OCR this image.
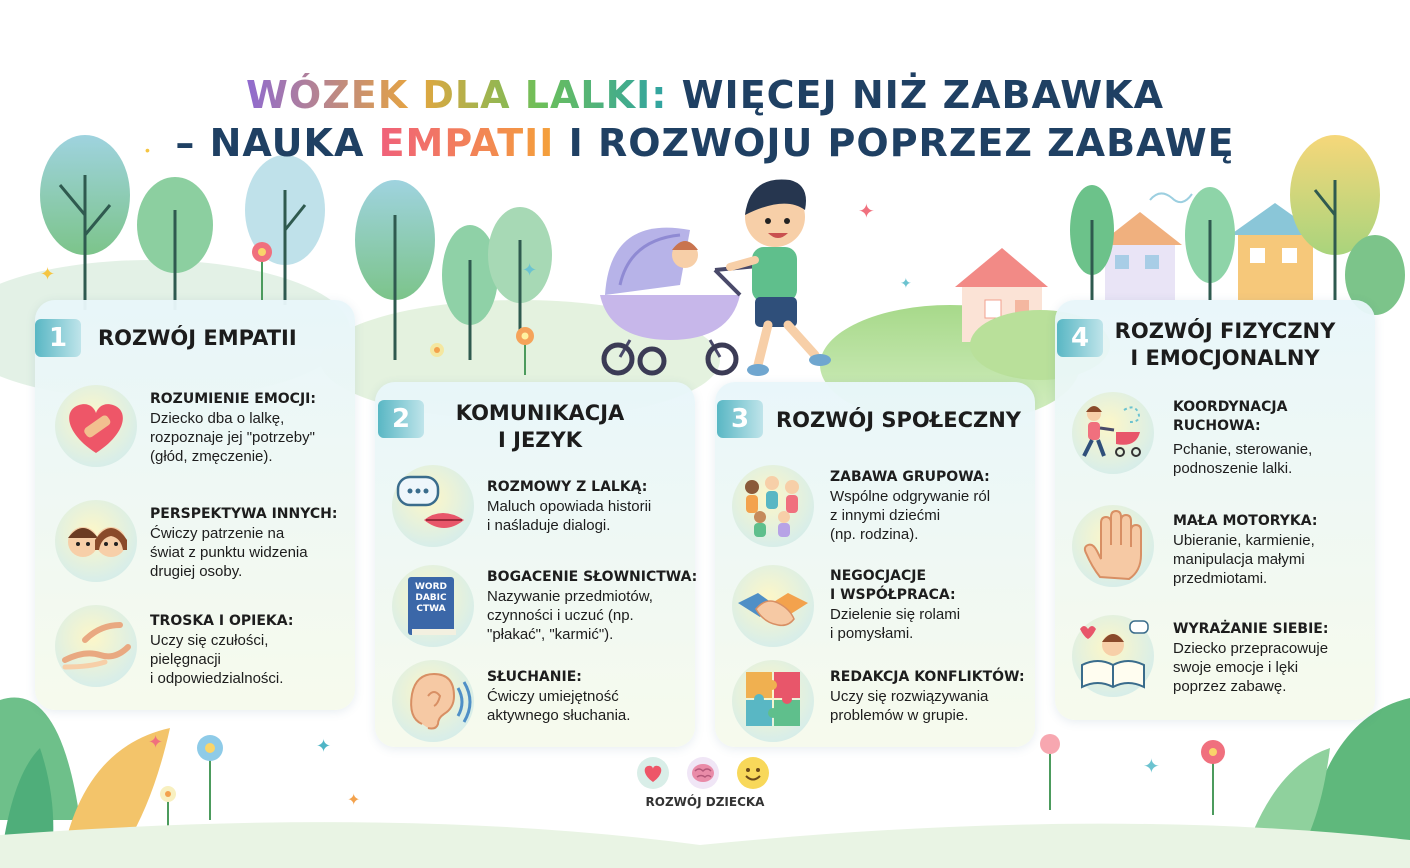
✦
•
✦
✦
✦
✦	✦
✦
✦
WÓZEK DLA LALKI: WIĘCEJ NIŻ ZABAWKA
– NAUKA EMPATII I ROZWOJU POPRZEZ ZABAWĘ
1	ROZWÓJ EMPATII
ROZUMIENIE EMOCJI:
Dziecko dba o lalkę,
rozpoznaje jej "potrzeby"
(głód, zmęczenie).
PERSPEKTYWA INNYCH:
Ćwiczy patrzenie na
świat z punktu widzenia
drugiej osoby.
TROSKA I OPIEKA:
Uczy się czułości,
pielęgnacji
i odpowiedzialności.
2	KOMUNIKACJA
I JEZYK
ROZMOWY Z LALKĄ:
Maluch opowiada historii
i naśladuje dialogi.
WORD
DABIC
CTWA
BOGACENIE SŁOWNICTWA:
Nazywanie przedmiotów,
czynności i uczuć (np.
"płakać", "karmić").
SŁUCHANIE:
Ćwiczy umiejętność
aktywnego słuchania.
3	ROZWÓJ SPOŁECZNY
ZABAWA GRUPOWA:
Wspólne odgrywanie ról
z innymi dziećmi
(np. rodzina).
NEGOCJACJE
I WSPÓŁPRACA:
Dzielenie się rolami
i pomysłami.
REDAKCJA KONFLIKTÓW:
Uczy się rozwiązywania
problemów w grupie.
4	ROZWÓJ FIZYCZNY
I EMOCJONALNY
KOORDYNACJA
RUCHOWA:
Pchanie, sterowanie,
podnoszenie lalki.
MAŁA MOTORYKA:
Ubieranie, karmienie,
manipulacja małymi
przedmiotami.
WYRAŻANIE SIEBIE:
Dziecko przepracowuje
swoje emocje i lęki
poprzez zabawę.
ROZWÓJ DZIECKA
